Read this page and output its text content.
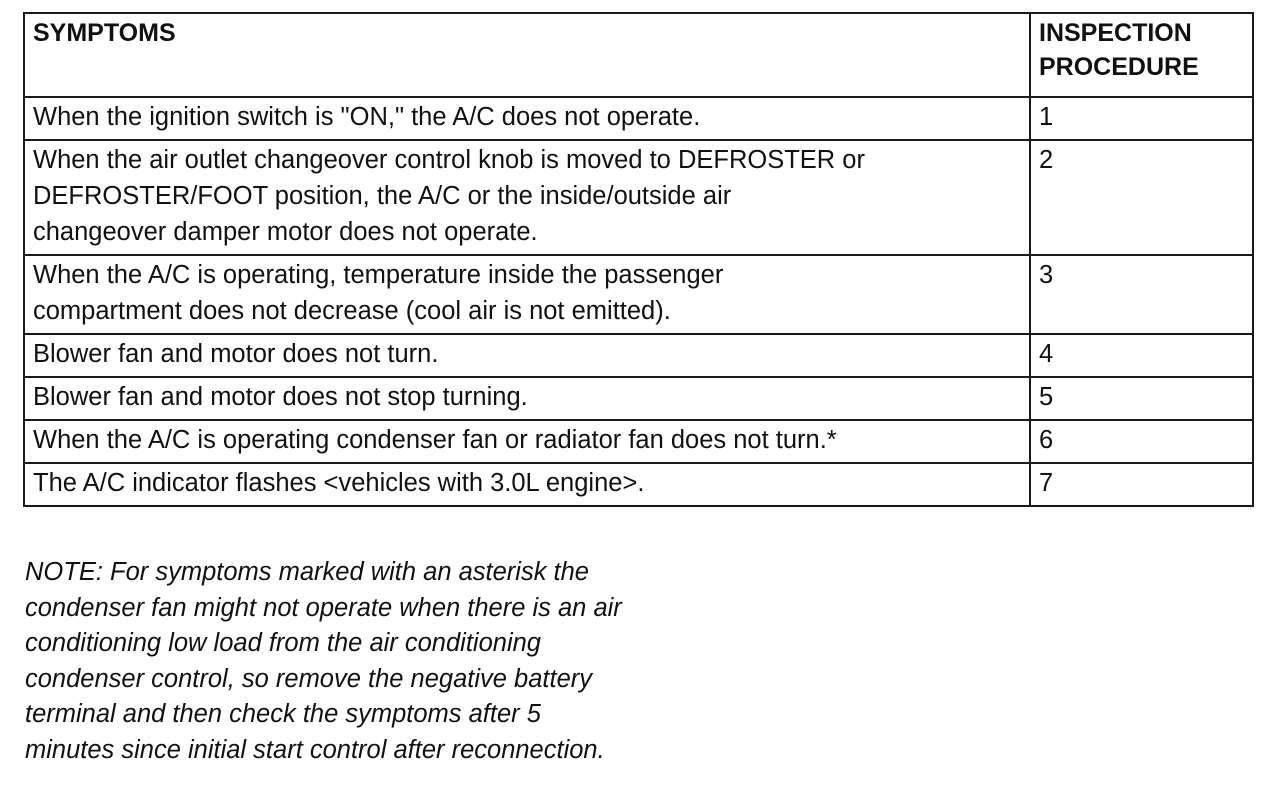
SYMPTOMS	INSPECTION
PROCEDURE
When the ignition switch is "ON," the A/C does not operate.	1
When the air outlet changeover control knob is moved to DEFROSTER or
DEFROSTER/FOOT position, the A/C or the inside/outside air
changeover damper motor does not operate.	2
When the A/C is operating, temperature inside the passenger
compartment does not decrease (cool air is not emitted).	3
Blower fan and motor does not turn.	4
Blower fan and motor does not stop turning.	5
When the A/C is operating condenser fan or radiator fan does not turn.*	6
The A/C indicator flashes <vehicles with 3.0L engine>.	7
NOTE: For symptoms marked with an asterisk the
condenser fan might not operate when there is an air
conditioning low load from the air conditioning
condenser control, so remove the negative battery
terminal and then check the symptoms after 5
minutes since initial start control after reconnection.
